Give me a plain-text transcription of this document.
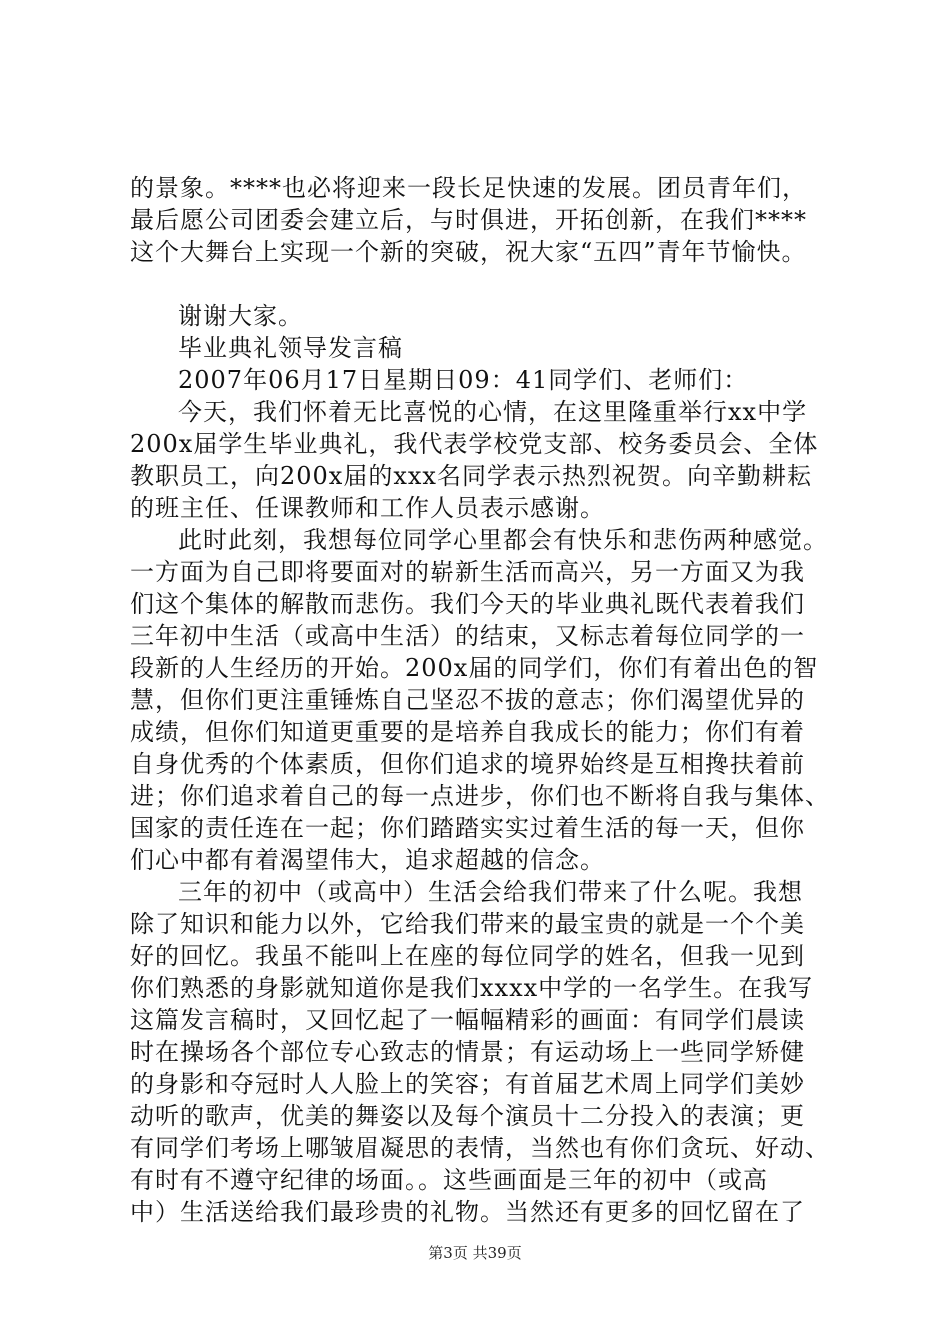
的景象。****也必将迎来一段长足快速的发展。团员青年们，
最后愿公司团委会建立后，与时俱进，开拓创新，在我们****
这个大舞台上实现一个新的突破，祝大家“五四”青年节愉快。
谢谢大家。
毕业典礼领导发言稿
2007年06月17日星期日09：41同学们、老师们：
今天，我们怀着无比喜悦的心情，在这里隆重举行xx中学
200x届学生毕业典礼，我代表学校党支部、校务委员会、全体
教职员工，向200x届的xxx名同学表示热烈祝贺。向辛勤耕耘
的班主任、任课教师和工作人员表示感谢。
此时此刻，我想每位同学心里都会有快乐和悲伤两种感觉。
一方面为自己即将要面对的崭新生活而高兴，另一方面又为我
们这个集体的解散而悲伤。我们今天的毕业典礼既代表着我们
三年初中生活（或高中生活）的结束，又标志着每位同学的一
段新的人生经历的开始。200x届的同学们，你们有着出色的智
慧，但你们更注重锤炼自己坚忍不拔的意志；你们渴望优异的
成绩，但你们知道更重要的是培养自我成长的能力；你们有着
自身优秀的个体素质，但你们追求的境界始终是互相搀扶着前
进；你们追求着自己的每一点进步，你们也不断将自我与集体、
国家的责任连在一起；你们踏踏实实过着生活的每一天，但你
们心中都有着渴望伟大，追求超越的信念。
三年的初中（或高中）生活会给我们带来了什么呢。我想
除了知识和能力以外，它给我们带来的最宝贵的就是一个个美
好的回忆。我虽不能叫上在座的每位同学的姓名，但我一见到
你们熟悉的身影就知道你是我们xxxx中学的一名学生。在我写
这篇发言稿时，又回忆起了一幅幅精彩的画面：有同学们晨读
时在操场各个部位专心致志的情景；有运动场上一些同学矫健
的身影和夺冠时人人脸上的笑容；有首届艺术周上同学们美妙
动听的歌声，优美的舞姿以及每个演员十二分投入的表演；更
有同学们考场上哪皱眉凝思的表情，当然也有你们贪玩、好动、
有时有不遵守纪律的场面。。这些画面是三年的初中（或高
中）生活送给我们最珍贵的礼物。当然还有更多的回忆留在了
第3页 共39页
